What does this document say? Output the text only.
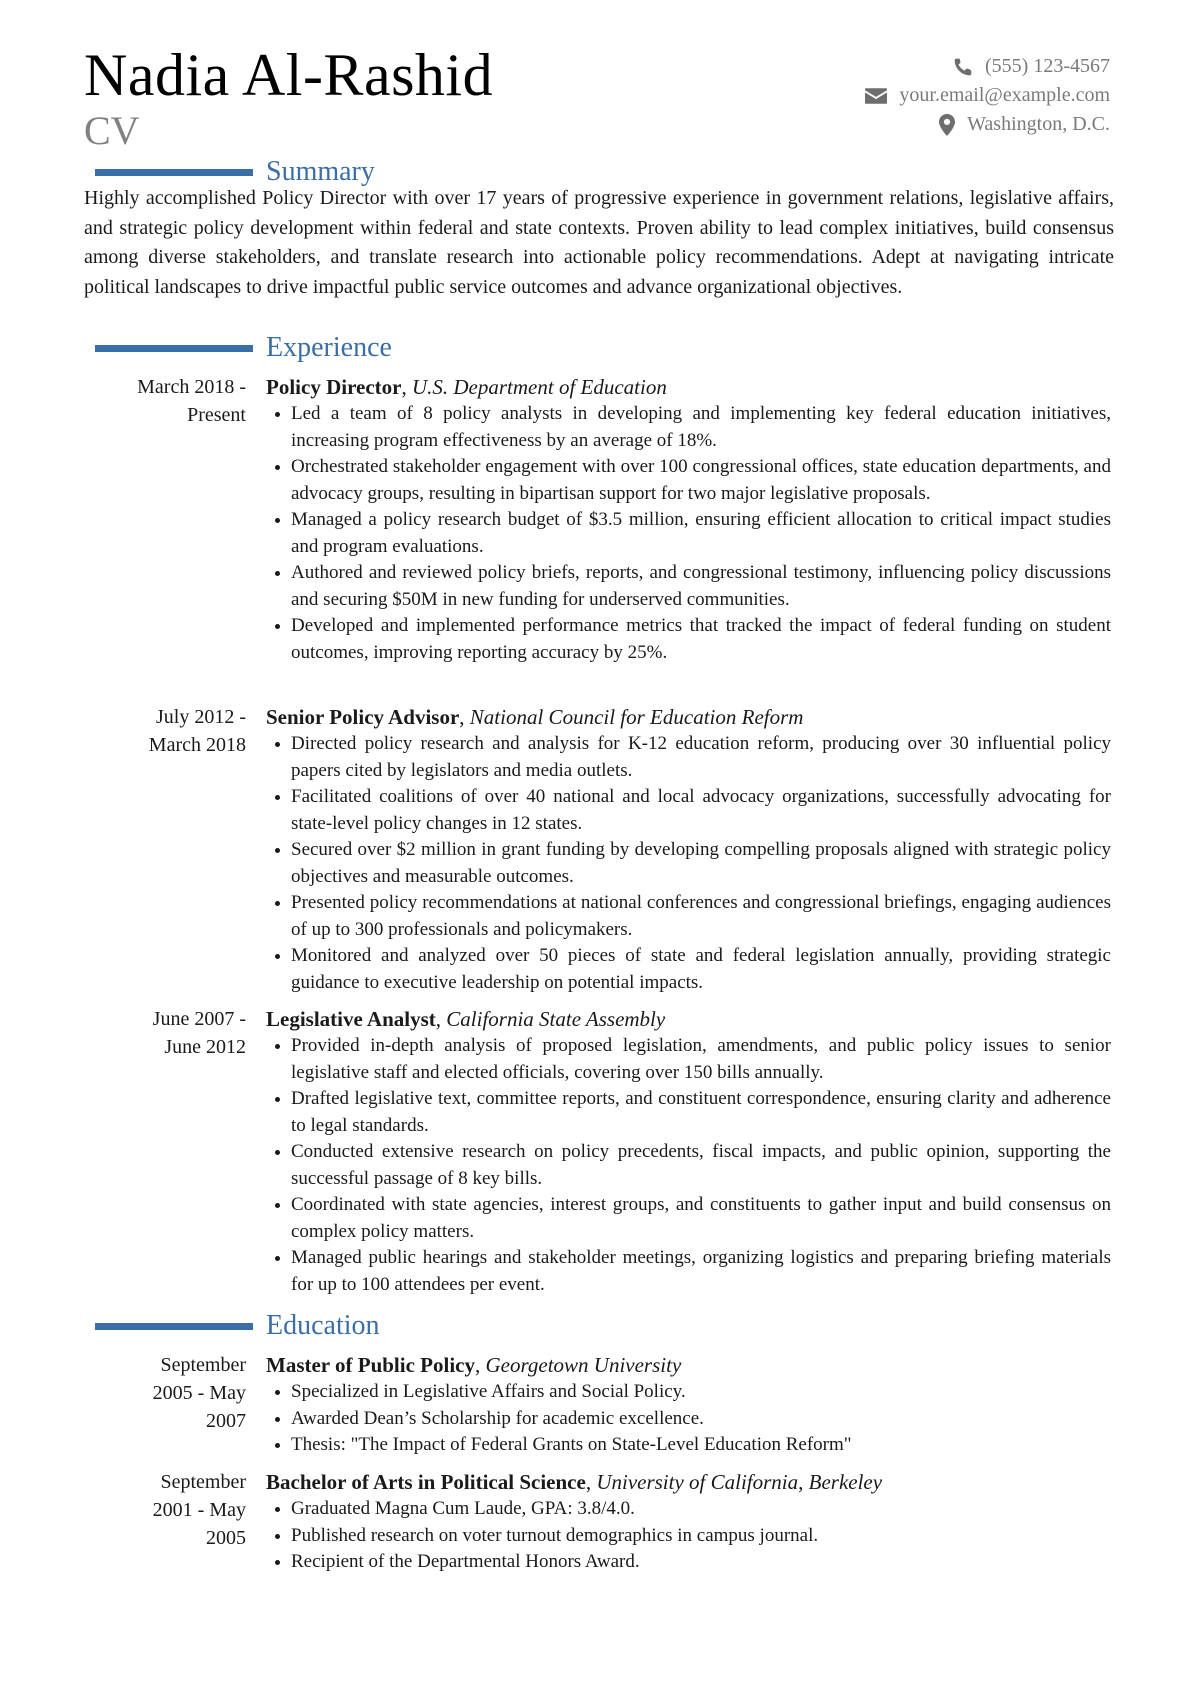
Nadia Al-Rashid
CV
(555) 123-4567
your.email@example.com
Washington, D.C.
Summary
Highly accomplished Policy Director with over 17 years of progressive experience in government relations, legislative affairs, and strategic policy development within federal and state contexts. Proven ability to lead complex initiatives, build consensus among diverse stakeholders, and translate research into actionable policy recommendations. Adept at navigating intricate political landscapes to drive impactful public service outcomes and advance organizational objectives.
Experience
March 2018 -
Present
Policy Director, U.S. Department of Education
Led a team of 8 policy analysts in developing and implementing key federal education initiatives, increasing program effectiveness by an average of 18%.
Orchestrated stakeholder engagement with over 100 congressional offices, state education departments, and advocacy groups, resulting in bipartisan support for two major legislative proposals.
Managed a policy research budget of $3.5 million, ensuring efficient allocation to critical impact studies and program evaluations.
Authored and reviewed policy briefs, reports, and congressional testimony, influencing policy discussions and securing $50M in new funding for underserved communities.
Developed and implemented performance metrics that tracked the impact of federal funding on student outcomes, improving reporting accuracy by 25%.
July 2012 -
March 2018
Senior Policy Advisor, National Council for Education Reform
Directed policy research and analysis for K-12 education reform, producing over 30 influential policy papers cited by legislators and media outlets.
Facilitated coalitions of over 40 national and local advocacy organizations, successfully advocating for state-level policy changes in 12 states.
Secured over $2 million in grant funding by developing compelling proposals aligned with strategic policy objectives and measurable outcomes.
Presented policy recommendations at national conferences and congressional briefings, engaging audiences of up to 300 professionals and policymakers.
Monitored and analyzed over 50 pieces of state and federal legislation annually, providing strategic guidance to executive leadership on potential impacts.
June 2007 -
June 2012
Legislative Analyst, California State Assembly
Provided in-depth analysis of proposed legislation, amendments, and public policy issues to senior legislative staff and elected officials, covering over 150 bills annually.
Drafted legislative text, committee reports, and constituent correspondence, ensuring clarity and adherence to legal standards.
Conducted extensive research on policy precedents, fiscal impacts, and public opinion, supporting the successful passage of 8 key bills.
Coordinated with state agencies, interest groups, and constituents to gather input and build consensus on complex policy matters.
Managed public hearings and stakeholder meetings, organizing logistics and preparing briefing materials for up to 100 attendees per event.
Education
September
2005 - May
2007
Master of Public Policy, Georgetown University
Specialized in Legislative Affairs and Social Policy.
Awarded Dean’s Scholarship for academic excellence.
Thesis: "The Impact of Federal Grants on State-Level Education Reform"
September
2001 - May
2005
Bachelor of Arts in Political Science, University of California, Berkeley
Graduated Magna Cum Laude, GPA: 3.8/4.0.
Published research on voter turnout demographics in campus journal.
Recipient of the Departmental Honors Award.
